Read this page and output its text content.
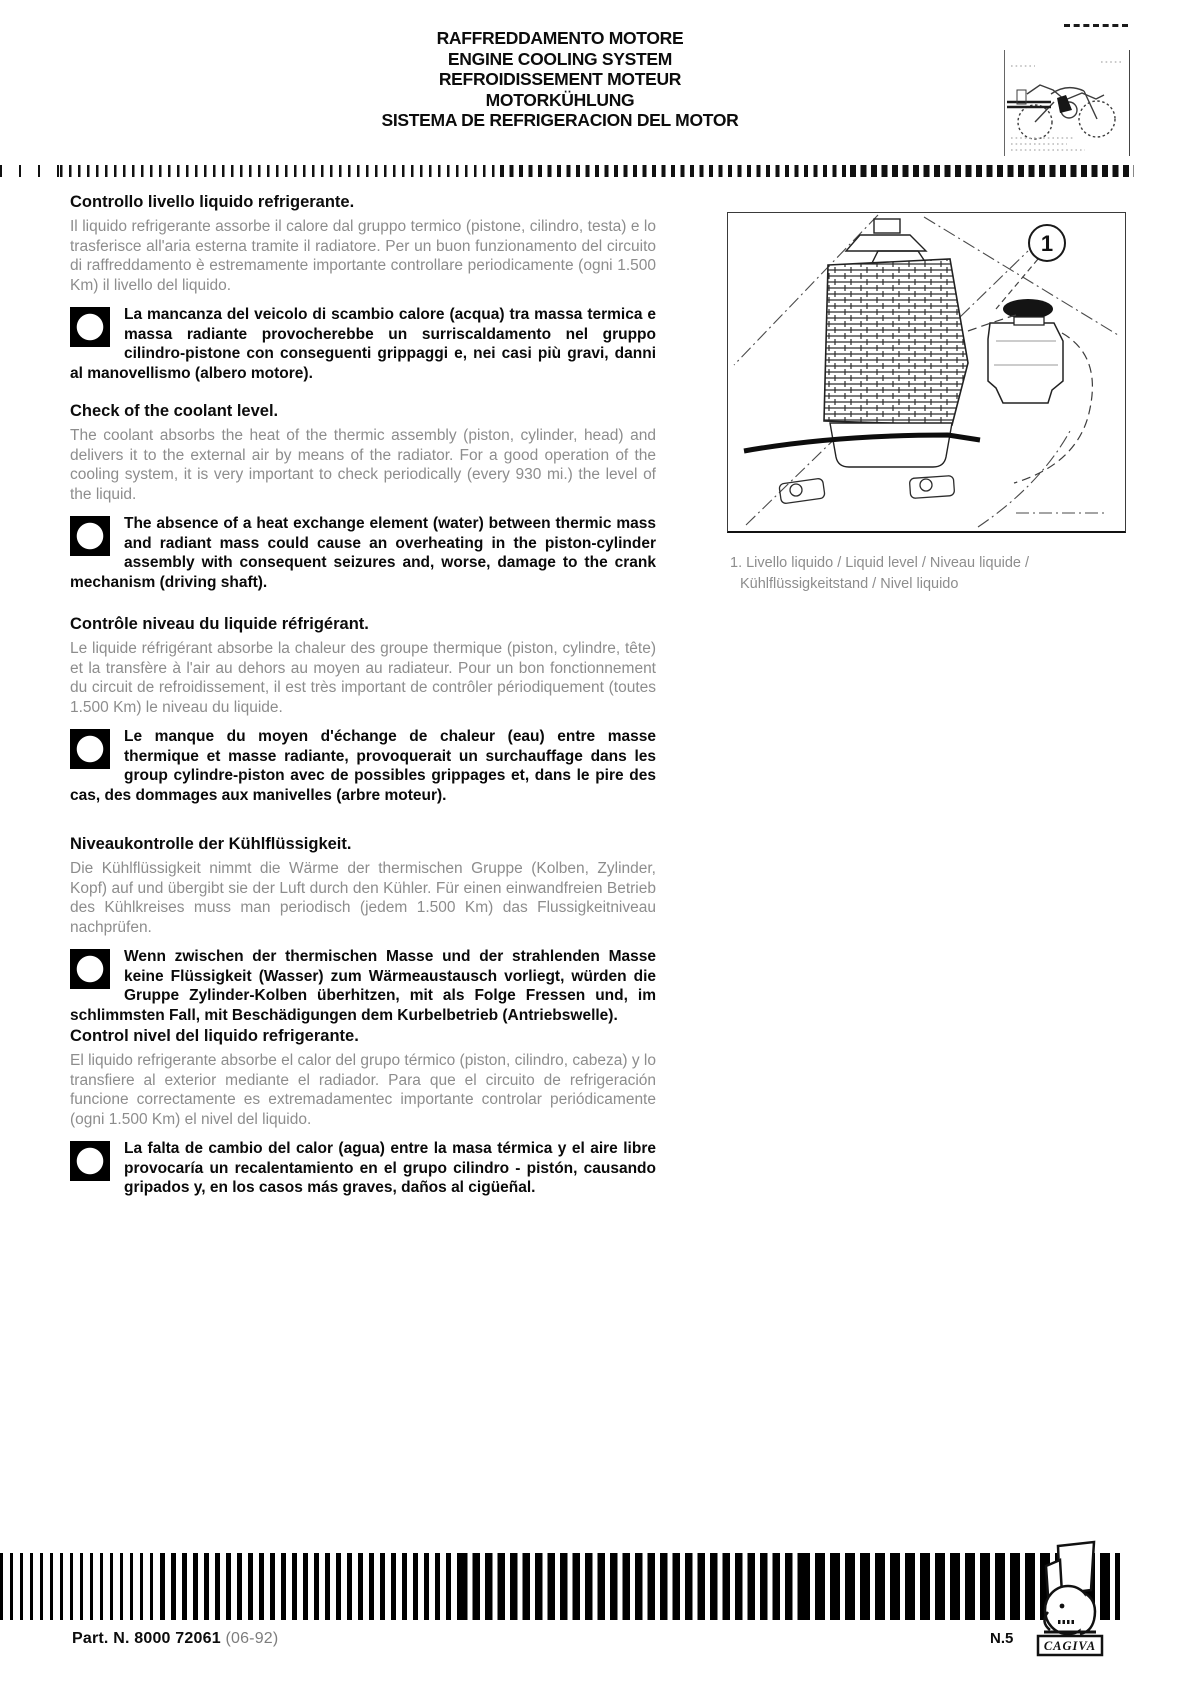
RAFFREDDAMENTO MOTORE
ENGINE COOLING SYSTEM
REFROIDISSEMENT MOTEUR
MOTORKÜHLUNG
SISTEMA DE REFRIGERACION DEL MOTOR
Controllo livello liquido refrigerante.

Il liquido refrigerante assorbe il calore dal gruppo termico (pistone, cilindro, testa) e lo trasferisce all'aria esterna tramite il radiatore. Per un buon funzionamento del circuito di raffreddamento è estremamente importante controllare periodicamente (ogni 1.500 Km) il livello del liquido.

La mancanza del veicolo di scambio calore (acqua) tra massa termica e massa radiante provocherebbe un surriscaldamento nel gruppo cilindro-pistone con conseguenti grippaggi e, nei casi più gravi, danni al manovellismo (albero motore).
Check of the coolant level.

The coolant absorbs the heat of the thermic assembly (piston, cylinder, head) and delivers it to the external air by means of the radiator. For a good operation of the cooling system, it is very important to check periodically (every 930 mi.) the level of the liquid.

The absence of a heat exchange element (water) between thermic mass and radiant mass could cause an overheating in the piston-cylinder assembly with consequent seizures and, worse, damage to the crank mechanism (driving shaft).
Contrôle niveau du liquide réfrigérant.

Le liquide réfrigérant absorbe la chaleur des groupe thermique (piston, cylindre, tête) et la transfère à l'air au dehors au moyen au radiateur. Pour un bon fonctionnement du circuit de refroidissement, il est très important de contrôler périodiquement (toutes 1.500 Km) le niveau du liquide.

Le manque du moyen d'échange de chaleur (eau) entre masse thermique et masse radiante, provoquerait un surchauffage dans les group cylindre-piston avec de possibles grippages et, dans le pire des cas, des dommages aux manivelles (arbre moteur).
Niveaukontrolle der Kühlflüssigkeit.

Die Kühlflüssigkeit nimmt die Wärme der thermischen Gruppe (Kolben, Zylinder, Kopf) auf und übergibt sie der Luft durch den Kühler. Für einen einwandfreien Betrieb des Kühlkreises muss man periodisch (jedem 1.500 Km) das Flussigkeitniveau nachprüfen.

Wenn zwischen der thermischen Masse und der strahlenden Masse keine Flüssigkeit (Wasser) zum Wärmeaustausch vorliegt, würden die Gruppe Zylinder-Kolben überhitzen, mit als Folge Fressen und, im schlimmsten Fall, mit Beschädigungen dem Kurbelbetrieb (Antriebswelle).
Control nivel del liquido refrigerante.

El liquido refrigerante absorbe el calor del grupo térmico (piston, cilindro, cabeza) y lo transfiere al exterior mediante el radiador. Para que el circuito de refrigeración funcione correctamente es extremadamentec importante controlar periódicamente (ogni 1.500 Km) el nivel del liquido.

La falta de cambio del calor (agua) entre la masa térmica y el aire libre provocaría un recalentamiento en el grupo cilindro - pistón, causando gripados y, en los casos más graves, daños al cigüeñal.
1
1. Livello liquido / Liquid level / Niveau liquide /
Kühlflüssigkeitstand / Nivel liquido
Part. N. 8000 72061 (06-92)	N.5 CAGIVA
